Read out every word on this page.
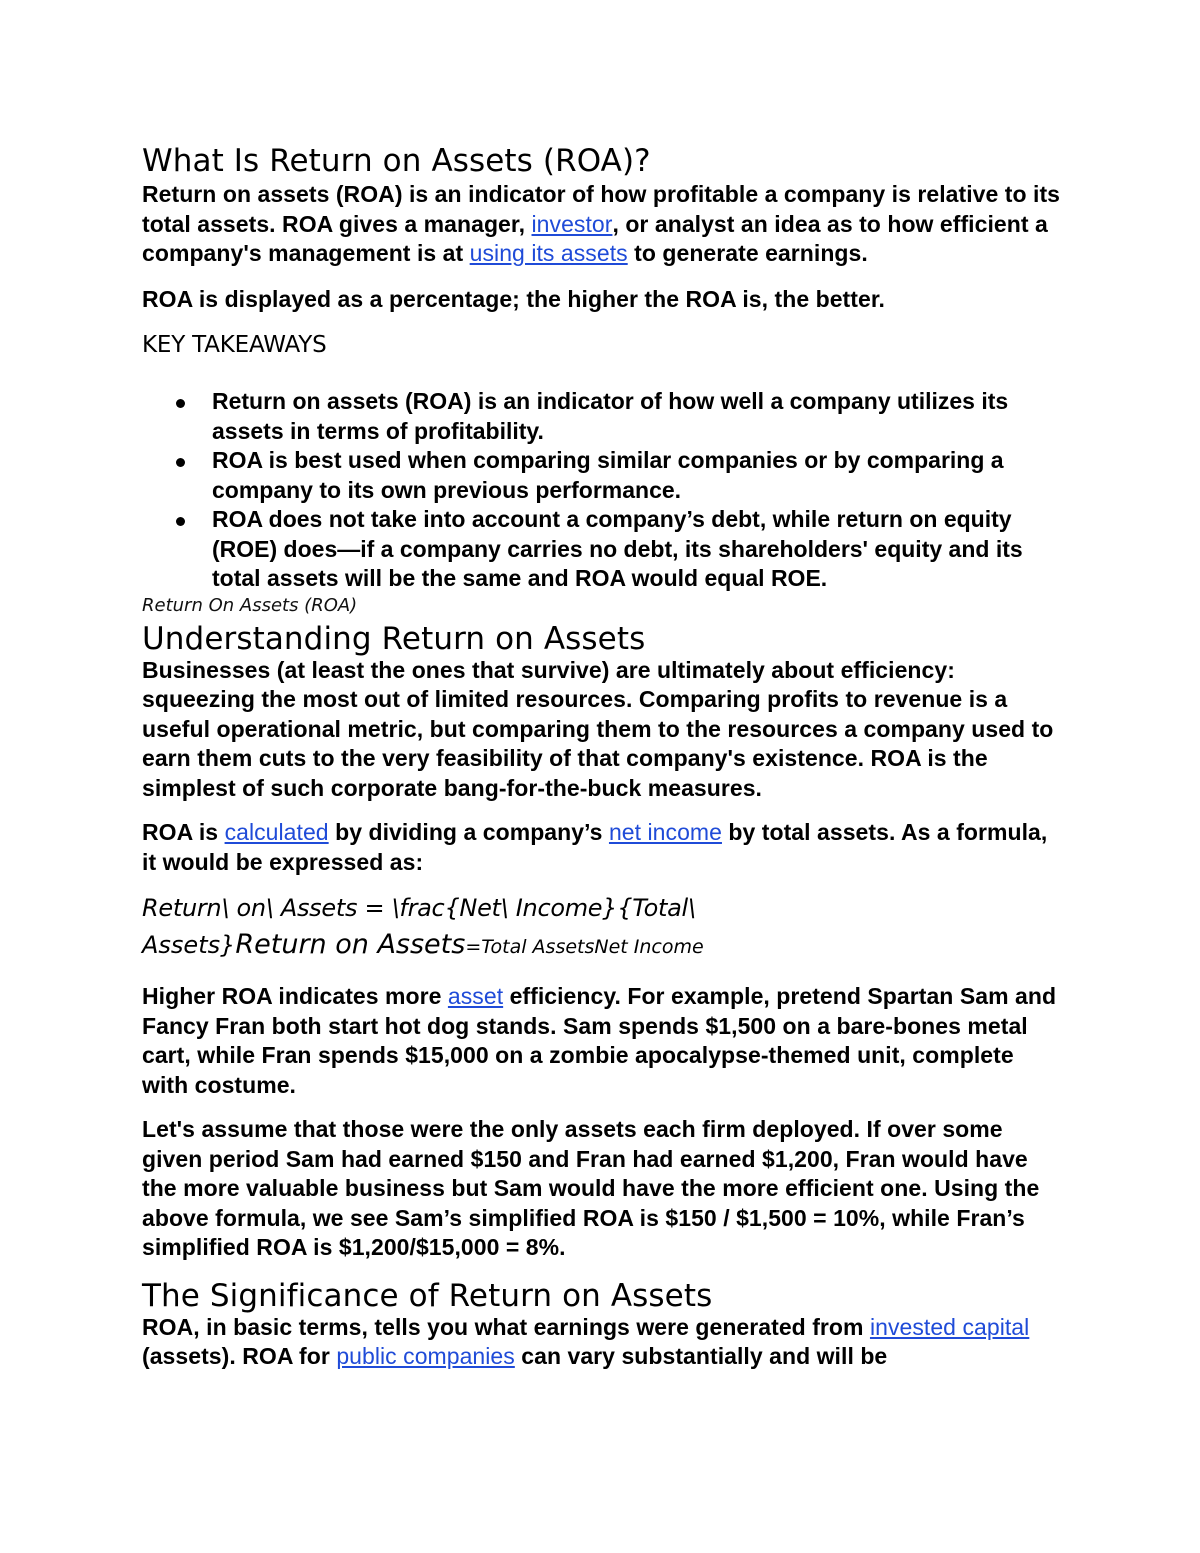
What Is Return on Assets (ROA)?

Return on assets (ROA) is an indicator of how profitable a company is relative to its total assets. ROA gives a manager, investor, or analyst an idea as to how efficient a company's management is at using its assets to generate earnings.

ROA is displayed as a percentage; the higher the ROA is, the better.

KEY TAKEAWAYS

Return on assets (ROA) is an indicator of how well a company utilizes its assets in terms of profitability.
ROA is best used when comparing similar companies or by comparing a company to its own previous performance.
ROA does not take into account a company’s debt, while return on equity (ROE) does—if a company carries no debt, its shareholders' equity and its total assets will be the same and ROA would equal ROE.

Return On Assets (ROA)

Understanding Return on Assets

Businesses (at least the ones that survive) are ultimately about efficiency: squeezing the most out of limited resources. Comparing profits to revenue is a useful operational metric, but comparing them to the resources a company used to earn them cuts to the very feasibility of that company's existence. ROA is the simplest of such corporate bang-for-the-buck measures.

ROA is calculated by dividing a company’s net income by total assets. As a formula, it would be expressed as:

Return\ on\ Assets = \frac{Net\ Income}{Total\

Assets}Return on Assets=Total AssetsNet Income

Higher ROA indicates more asset efficiency. For example, pretend Spartan Sam and Fancy Fran both start hot dog stands. Sam spends $1,500 on a bare-bones metal cart, while Fran spends $15,000 on a zombie apocalypse-themed unit, complete with costume.

Let's assume that those were the only assets each firm deployed. If over some given period Sam had earned $150 and Fran had earned $1,200, Fran would have the more valuable business but Sam would have the more efficient one. Using the above formula, we see Sam’s simplified ROA is $150 / $1,500 = 10%, while Fran’s simplified ROA is $1,200/$15,000 = 8%.

The Significance of Return on Assets

ROA, in basic terms, tells you what earnings were generated from invested capital (assets). ROA for public companies can vary substantially and will be
